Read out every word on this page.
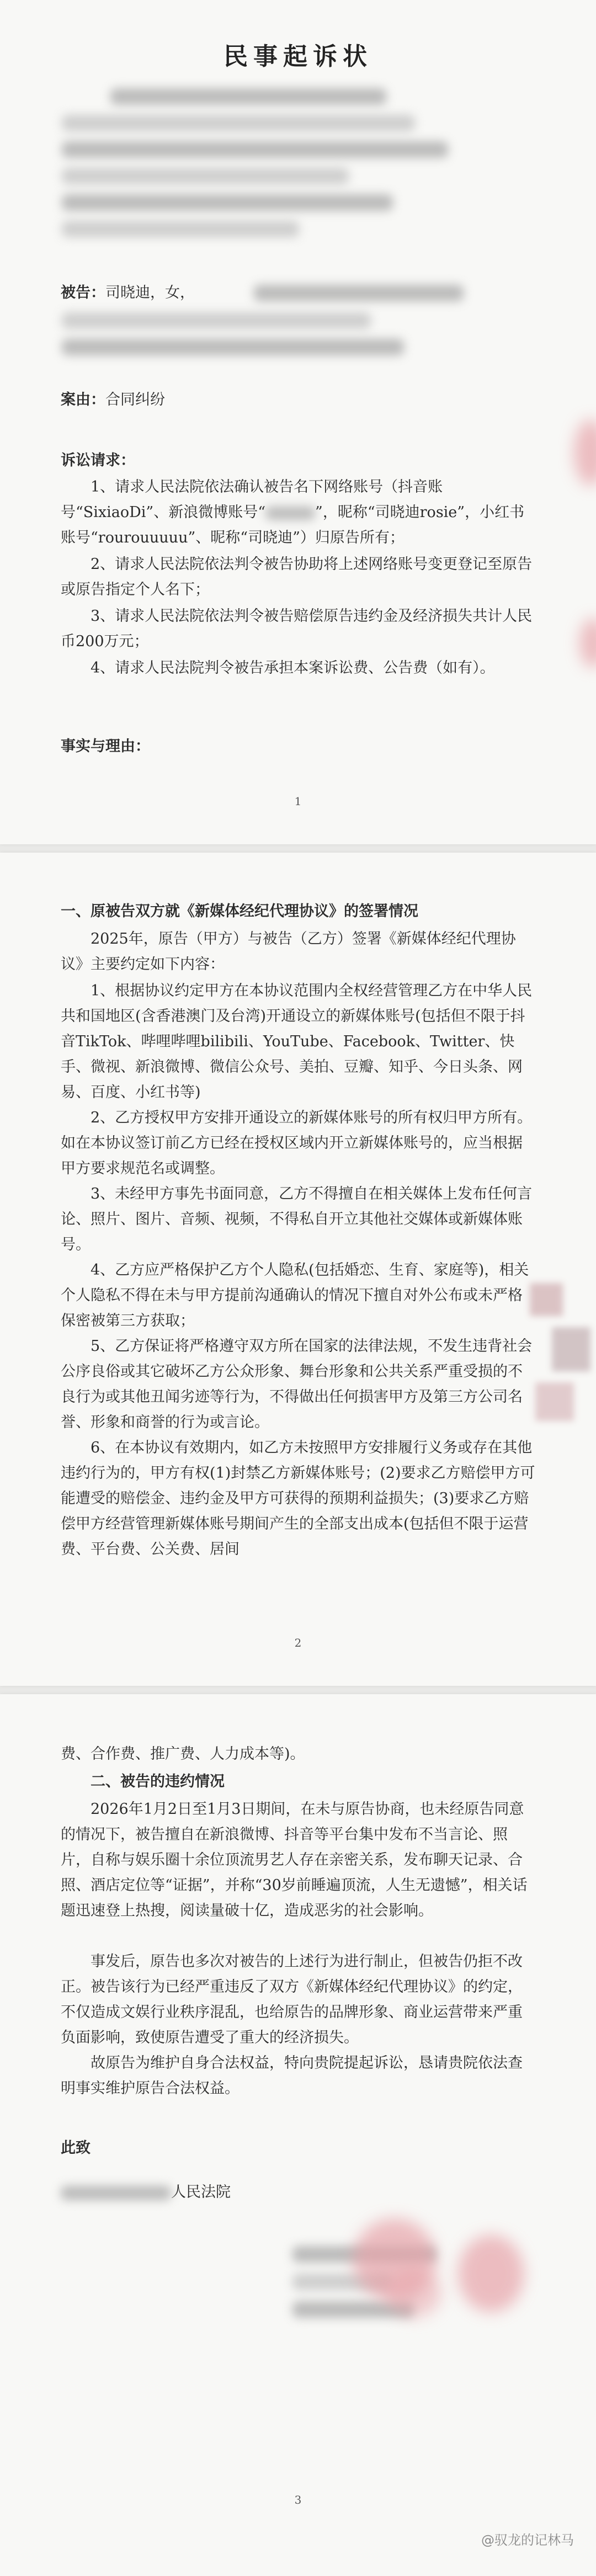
民事起诉状
被告：司晓迪，女，
案由：合同纠纷
诉讼请求：
1、请求人民法院依法确认被告名下网络账号（抖音账号“SixiaoDi”、新浪微博账号“	”，昵称“司晓迪rosie”，小红书账号“rourouuuuu”、昵称“司晓迪”）归原告所有；
2、请求人民法院依法判令被告协助将上述网络账号变更登记至原告或原告指定个人名下；
3、请求人民法院依法判令被告赔偿原告违约金及经济损失共计人民币200万元；
4、请求人民法院判令被告承担本案诉讼费、公告费（如有）。
事实与理由：
1
一、原被告双方就《新媒体经纪代理协议》的签署情况
2025年，原告（甲方）与被告（乙方）签署《新媒体经纪代理协议》主要约定如下内容：
1、根据协议约定甲方在本协议范围内全权经营管理乙方在中华人民共和国地区(含香港澳门及台湾)开通设立的新媒体账号(包括但不限于抖音TikTok、哔哩哔哩bilibili、YouTube、Facebook、Twitter、快手、微视、新浪微博、微信公众号、美拍、豆瓣、知乎、今日头条、网易、百度、小红书等)
2、乙方授权甲方安排开通设立的新媒体账号的所有权归甲方所有。如在本协议签订前乙方已经在授权区域内开立新媒体账号的，应当根据甲方要求规范名或调整。
3、未经甲方事先书面同意，乙方不得擅自在相关媒体上发布任何言论、照片、图片、音频、视频，不得私自开立其他社交媒体或新媒体账号。
4、乙方应严格保护乙方个人隐私(包括婚恋、生育、家庭等)，相关个人隐私不得在未与甲方提前沟通确认的情况下擅自对外公布或未严格保密被第三方获取；
5、乙方保证将严格遵守双方所在国家的法律法规，不发生违背社会公序良俗或其它破坏乙方公众形象、舞台形象和公共关系严重受损的不良行为或其他丑闻劣迹等行为，不得做出任何损害甲方及第三方公司名誉、形象和商誉的行为或言论。
6、在本协议有效期内，如乙方未按照甲方安排履行义务或存在其他违约行为的，甲方有权(1)封禁乙方新媒体账号；(2)要求乙方赔偿甲方可能遭受的赔偿金、违约金及甲方可获得的预期利益损失；(3)要求乙方赔偿甲方经营管理新媒体账号期间产生的全部支出成本(包括但不限于运营费、平台费、公关费、居间
2
费、合作费、推广费、人力成本等)。
二、被告的违约情况
2026年1月2日至1月3日期间，在未与原告协商，也未经原告同意的情况下，被告擅自在新浪微博、抖音等平台集中发布不当言论、照片，自称与娱乐圈十余位顶流男艺人存在亲密关系，发布聊天记录、合照、酒店定位等“证据”，并称“30岁前睡遍顶流，人生无遗憾”，相关话题迅速登上热搜，阅读量破十亿，造成恶劣的社会影响。
事发后，原告也多次对被告的上述行为进行制止，但被告仍拒不改正。被告该行为已经严重违反了双方《新媒体经纪代理协议》的约定，不仅造成文娱行业秩序混乱，也给原告的品牌形象、商业运营带来严重负面影响，致使原告遭受了重大的经济损失。
故原告为维护自身合法权益，特向贵院提起诉讼，恳请贵院依法查明事实维护原告合法权益。
此致
人民法院
3
@驭龙的记林马
